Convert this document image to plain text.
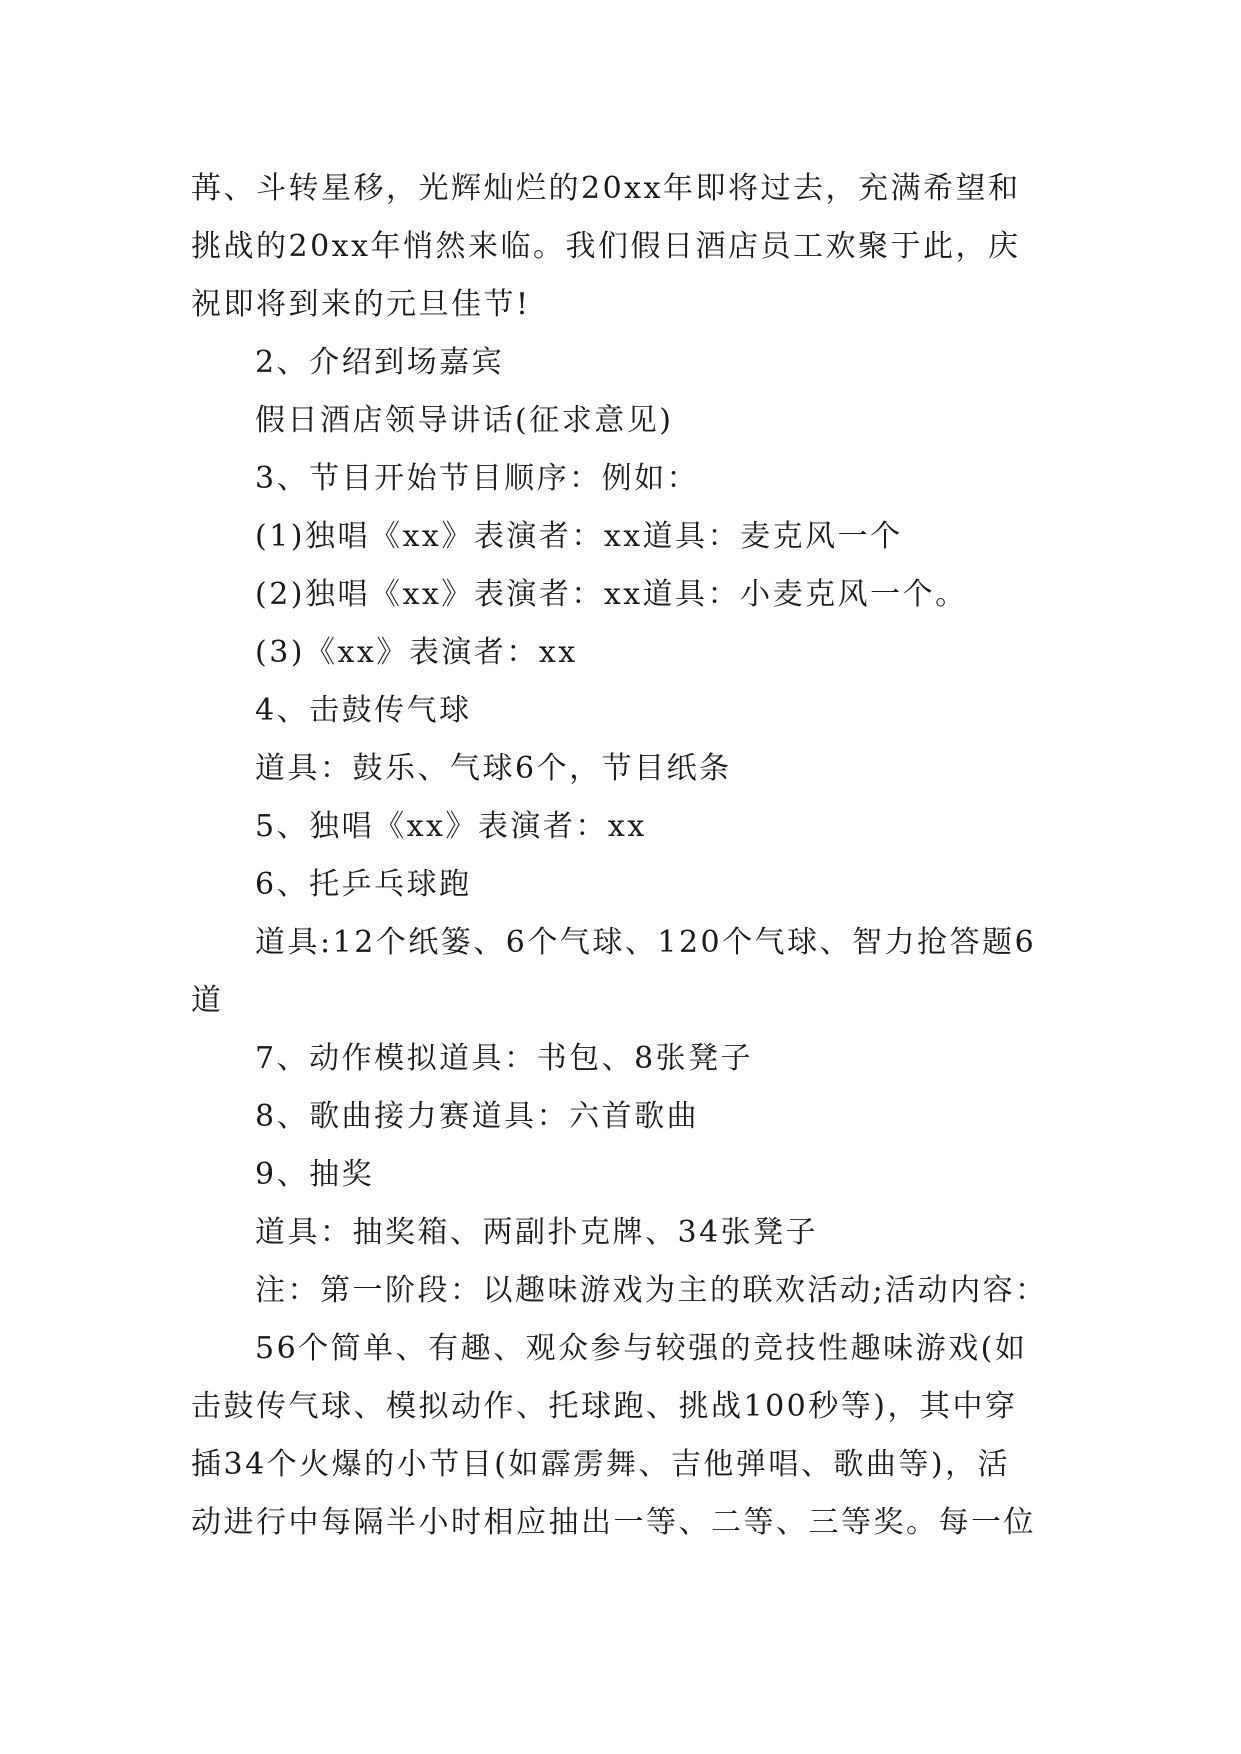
苒、斗转星移，光辉灿烂的20xx年即将过去，充满希望和

挑战的20xx年悄然来临。我们假日酒店员工欢聚于此，庆

祝即将到来的元旦佳节!

2、介绍到场嘉宾

假日酒店领导讲话(征求意见)

3、节目开始节目顺序：例如：

(1)独唱《xx》表演者：xx道具：麦克风一个

(2)独唱《xx》表演者：xx道具：小麦克风一个。

(3)《xx》表演者：xx

4、击鼓传气球

道具：鼓乐、气球6个，节目纸条

5、独唱《xx》表演者：xx

6、托乒乓球跑

道具:12个纸篓、6个气球、120个气球、智力抢答题6

道

7、动作模拟道具：书包、8张凳子

8、歌曲接力赛道具：六首歌曲

9、抽奖

道具：抽奖箱、两副扑克牌、34张凳子

注：第一阶段：以趣味游戏为主的联欢活动;活动内容：

56个简单、有趣、观众参与较强的竞技性趣味游戏(如

击鼓传气球、模拟动作、托球跑、挑战100秒等)，其中穿

插34个火爆的小节目(如霹雳舞、吉他弹唱、歌曲等)，活

动进行中每隔半小时相应抽出一等、二等、三等奖。每一位
